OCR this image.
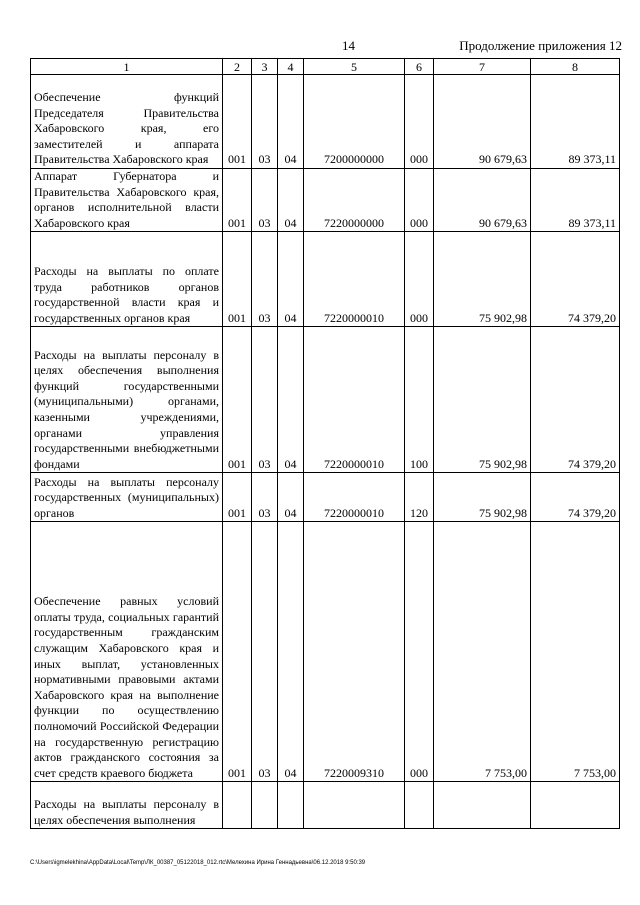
14	Продолжение приложения 12
1	2	3	4	5	6	7	8
Обеспечение функций Председателя Правительства Хабаровского края, его заместителей и аппарата Правительства Хабаровского края	001	03	04	7200000000	000	90 679,63	89 373,11
Аппарат Губернатора и Правительства Хабаровского края, органов исполнительной власти Хабаровского края	001	03	04	7220000000	000	90 679,63	89 373,11
Расходы на выплаты по оплате труда работников органов государственной власти края и государственных органов края	001	03	04	7220000010	000	75 902,98	74 379,20
Расходы на выплаты персоналу в целях обеспечения выполнения функций государственными (муниципальными) органами, казенными учреждениями, органами управления государственными внебюджетными фондами	001	03	04	7220000010	100	75 902,98	74 379,20
Расходы на выплаты персоналу государственных (муниципальных) органов	001	03	04	7220000010	120	75 902,98	74 379,20
Обеспечение равных условий оплаты труда, социальных гарантий государственным гражданским служащим Хабаровского края и иных выплат, установленных нормативными правовыми актами Хабаровского края на выполнение функции по осуществлению полномочий Российской Федерации на государственную регистрацию актов гражданского состояния за счет средств краевого бюджета	001	03	04	7220009310	000	7 753,00	7 753,00
Расходы на выплаты персоналу в целях обеспечения выполнения							
C:\Users\igmelekhina\AppData\Local\Temp\ЛК_00387_05122018_012.rtc\Мелехина Ирина Геннадьевна\06.12.2018 9:50:39
